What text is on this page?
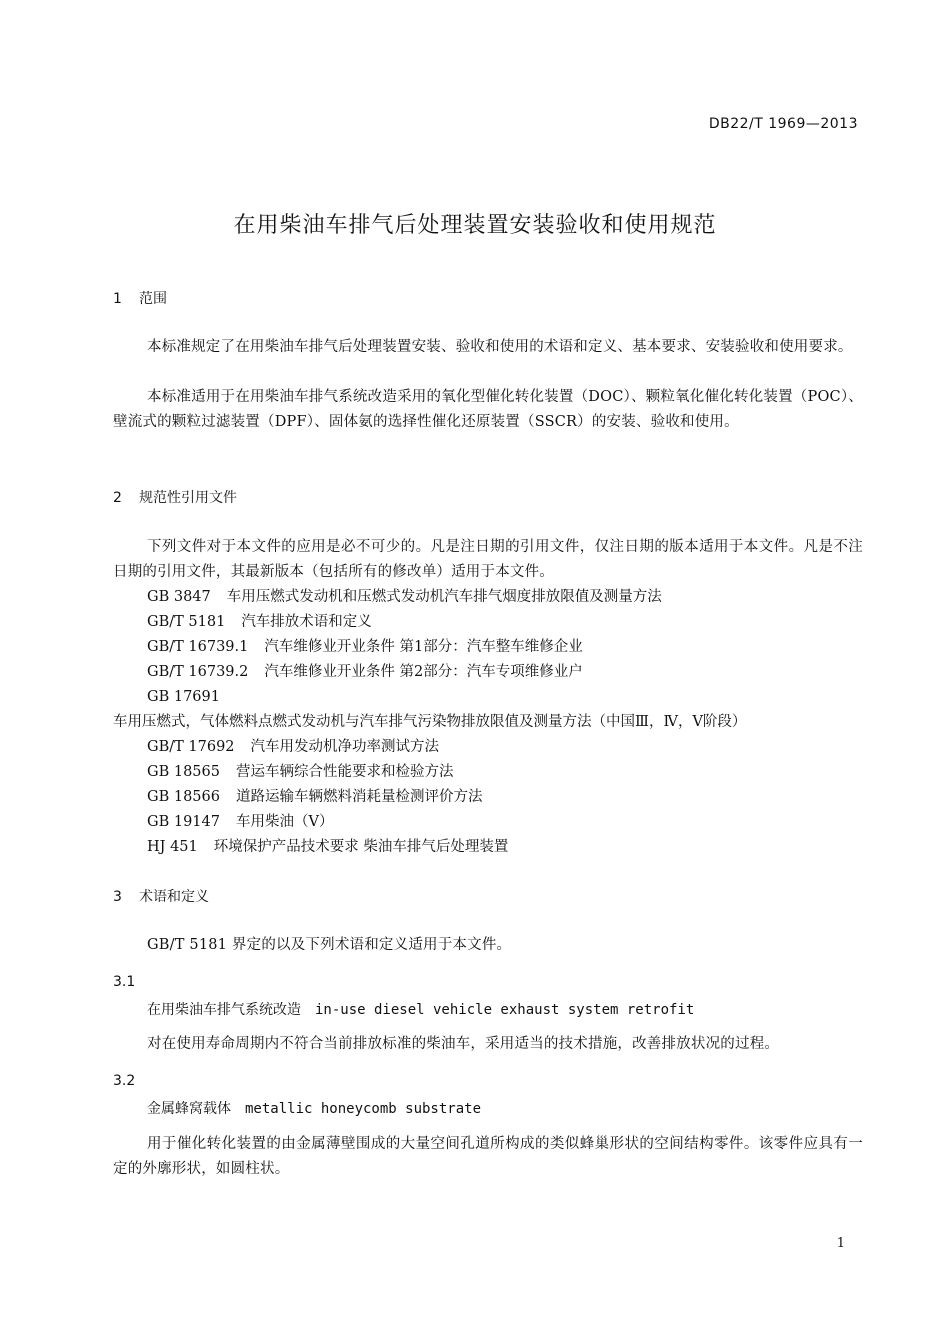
DB22/T 1969—2013
在用柴油车排气后处理装置安装验收和使用规范
1 范围
本标准规定了在用柴油车排气后处理装置安装、验收和使用的术语和定义、基本要求、安装验收和使用要求。
本标准适用于在用柴油车排气系统改造采用的氧化型催化转化装置（DOC）、颗粒氧化催化转化装置（POC）、壁流式的颗粒过滤装置（DPF）、固体氨的选择性催化还原装置（SSCR）的安装、验收和使用。
2 规范性引用文件
下列文件对于本文件的应用是必不可少的。凡是注日期的引用文件，仅注日期的版本适用于本文件。凡是不注日期的引用文件，其最新版本（包括所有的修改单）适用于本文件。
GB 3847 车用压燃式发动机和压燃式发动机汽车排气烟度排放限值及测量方法
GB/T 5181 汽车排放术语和定义
GB/T 16739.1 汽车维修业开业条件 第1部分：汽车整车维修企业
GB/T 16739.2 汽车维修业开业条件 第2部分：汽车专项维修业户
GB 17691车用压燃式，气体燃料点燃式发动机与汽车排气污染物排放限值及测量方法（中国Ⅲ，Ⅳ，Ⅴ阶段）
GB/T 17692 汽车用发动机净功率测试方法
GB 18565 营运车辆综合性能要求和检验方法
GB 18566 道路运输车辆燃料消耗量检测评价方法
GB 19147 车用柴油（Ⅴ）
HJ 451 环境保护产品技术要求 柴油车排气后处理装置
3 术语和定义
GB/T 5181 界定的以及下列术语和定义适用于本文件。
3.1
在用柴油车排气系统改造 in-use diesel vehicle exhaust system retrofit
对在使用寿命周期内不符合当前排放标准的柴油车，采用适当的技术措施，改善排放状况的过程。
3.2
金属蜂窝载体 metallic honeycomb substrate
用于催化转化装置的由金属薄壁围成的大量空间孔道所构成的类似蜂巢形状的空间结构零件。该零件应具有一定的外廓形状，如圆柱状。
1
